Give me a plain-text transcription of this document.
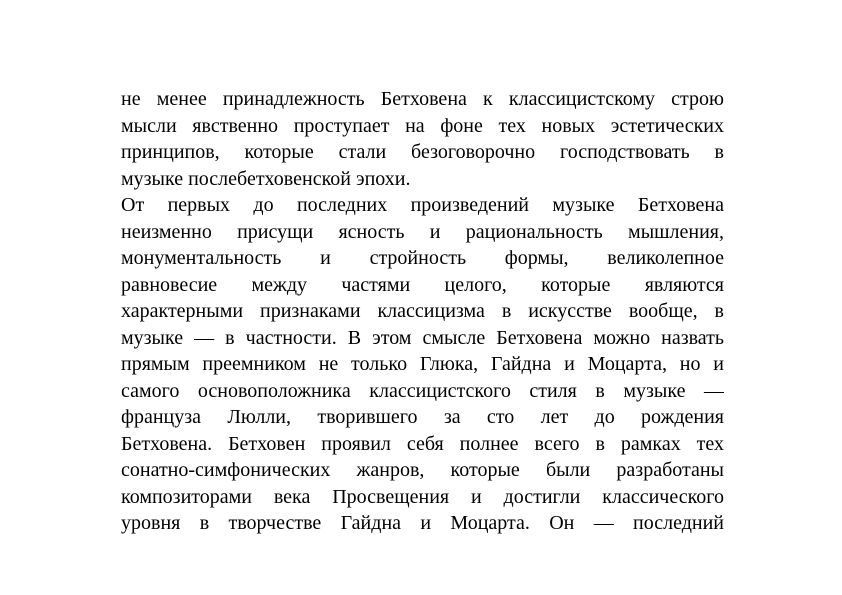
не менее принадлежность Бетховена к классицистскому строю
мысли явственно проступает на фоне тех новых эстетических
принципов, которые стали безоговорочно господствовать в
музыке послебетховенской эпохи.
От первых до последних произведений музыке Бетховена
неизменно присущи ясность и рациональность мышления,
монументальность и стройность формы, великолепное
равновесие между частями целого, которые являются
характерными признаками классицизма в искусстве вообще, в
музыке — в частности. В этом смысле Бетховена можно назвать
прямым преемником не только Глюка, Гайдна и Моцарта, но и
самого основоположника классицистского стиля в музыке —
француза Люлли, творившего за сто лет до рождения
Бетховена. Бетховен проявил себя полнее всего в рамках тех
сонатно-симфонических жанров, которые были разработаны
композиторами века Просвещения и достигли классического
уровня в творчестве Гайдна и Моцарта. Он — последний
